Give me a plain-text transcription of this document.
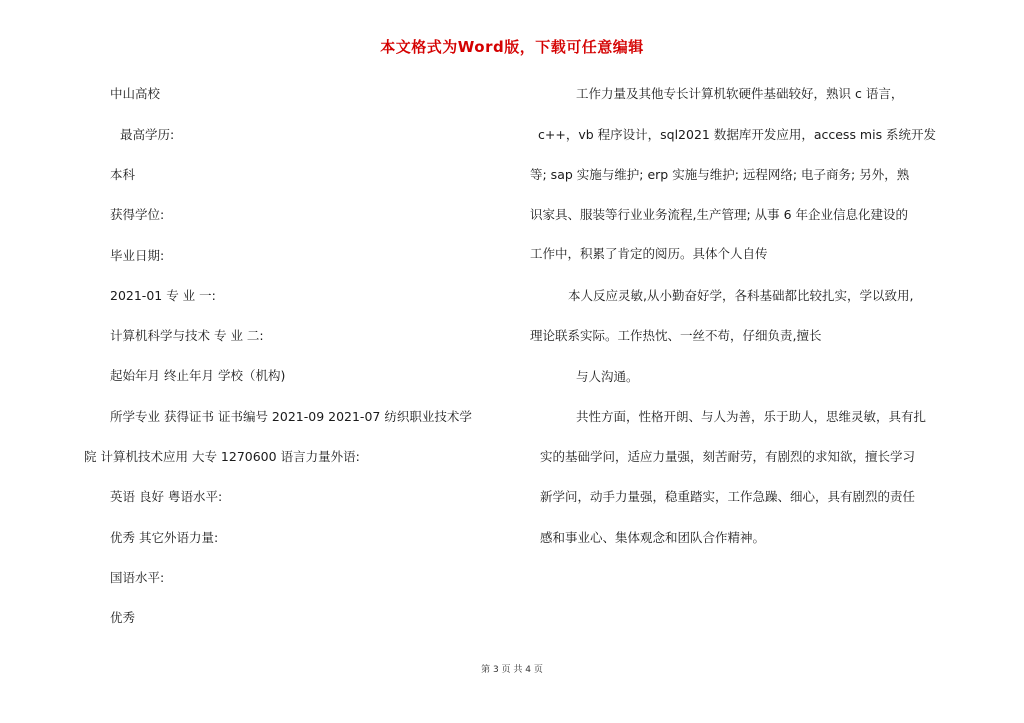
本文格式为Word版，下载可任意编辑
中山高校
最高学历:
本科
获得学位:
毕业日期:
2021-01 专 业 一:
计算机科学与技术 专 业 二:
起始年月 终止年月 学校（机构)
所学专业 获得证书 证书编号 2021-09 2021-07 纺织职业技术学
院 计算机技术应用 大专 1270600 语言力量外语:
英语 良好 粤语水平:
优秀 其它外语力量:
国语水平:
优秀
工作力量及其他专长计算机软硬件基础较好，熟识 c 语言，
c++，vb 程序设计，sql2021 数据库开发应用，access mis 系统开发
等; sap 实施与维护; erp 实施与维护; 远程网络; 电子商务; 另外，熟
识家具、服装等行业业务流程,生产管理; 从事 6 年企业信息化建设的
工作中，积累了肯定的阅历。具体个人自传
本人反应灵敏,从小勤奋好学，各科基础都比较扎实，学以致用,
理论联系实际。工作热忱、一丝不苟，仔细负责,擅长
与人沟通。
共性方面，性格开朗、与人为善，乐于助人，思维灵敏，具有扎
实的基础学问，适应力量强，刻苦耐劳，有剧烈的求知欲，擅长学习
新学问，动手力量强，稳重踏实，工作急躁、细心，具有剧烈的责任
感和事业心、集体观念和团队合作精神。
第 3 页 共 4 页
